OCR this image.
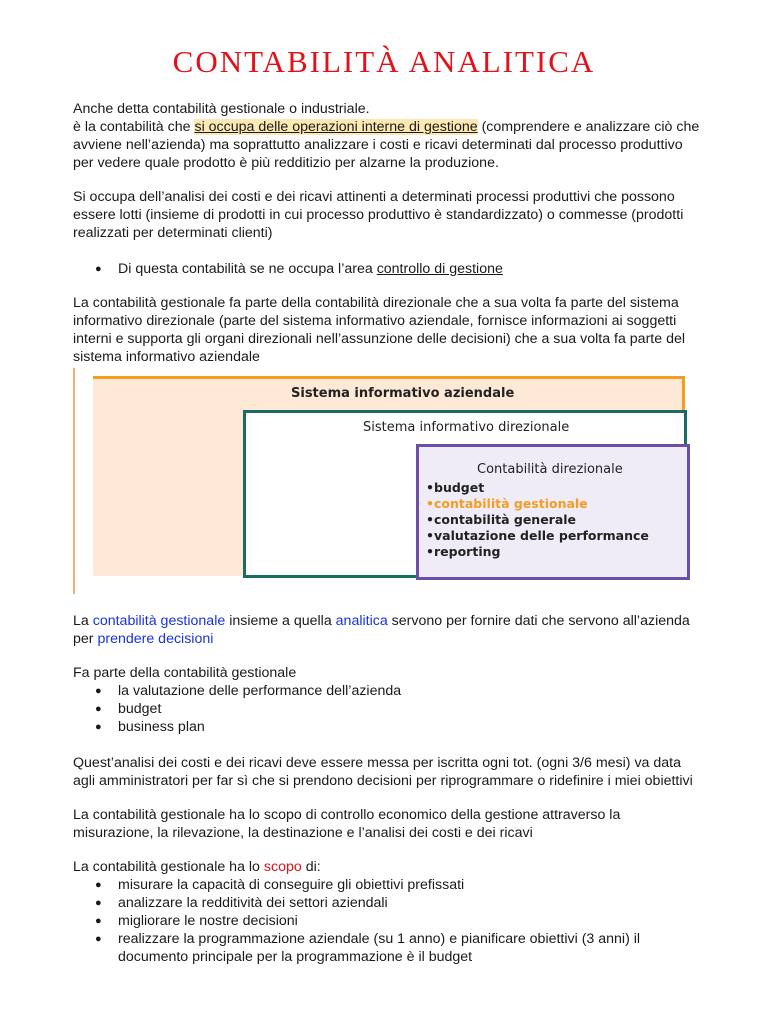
CONTABILITÀ ANALITICA

Anche detta contabilità gestionale o industriale.

è la contabilità che si occupa delle operazioni interne di gestione (comprendere e analizzare ciò che avviene nell’azienda) ma soprattutto analizzare i costi e ricavi determinati dal processo produttivo per vedere quale prodotto è più redditizio per alzarne la produzione.

Si occupa dell’analisi dei costi e dei ricavi attinenti a determinati processi produttivi che possono essere lotti (insieme di prodotti in cui processo produttivo è standardizzato) o commesse (prodotti realizzati per determinati clienti)

● Di questa contabilità se ne occupa l’area controllo di gestione

La contabilità gestionale fa parte della contabilità direzionale che a sua volta fa parte del sistema informativo direzionale (parte del sistema informativo aziendale, fornisce informazioni ai soggetti interni e supporta gli organi direzionali nell’assunzione delle decisioni) che a sua volta fa parte del sistema informativo aziendale

Sistema informativo aziendale
Sistema informativo direzionale
Contabilità direzionale
• budget
• contabilità gestionale
• contabilità generale
• valutazione delle performance
• reporting

La contabilità gestionale insieme a quella analitica servono per fornire dati che servono all’azienda per prendere decisioni

Fa parte della contabilità gestionale

● la valutazione delle performance dell’azienda
● budget
● business plan

Quest’analisi dei costi e dei ricavi deve essere messa per iscritta ogni tot. (ogni 3/6 mesi) va data agli amministratori per far sì che si prendono decisioni per riprogrammare o ridefinire i miei obiettivi

La contabilità gestionale ha lo scopo di controllo economico della gestione attraverso la misurazione, la rilevazione, la destinazione e l’analisi dei costi e dei ricavi

La contabilità gestionale ha lo scopo di:

● misurare la capacità di conseguire gli obiettivi prefissati
● analizzare la redditività dei settori aziendali
● migliorare le nostre decisioni
● realizzare la programmazione aziendale (su 1 anno) e pianificare obiettivi (3 anni) il documento principale per la programmazione è il budget
